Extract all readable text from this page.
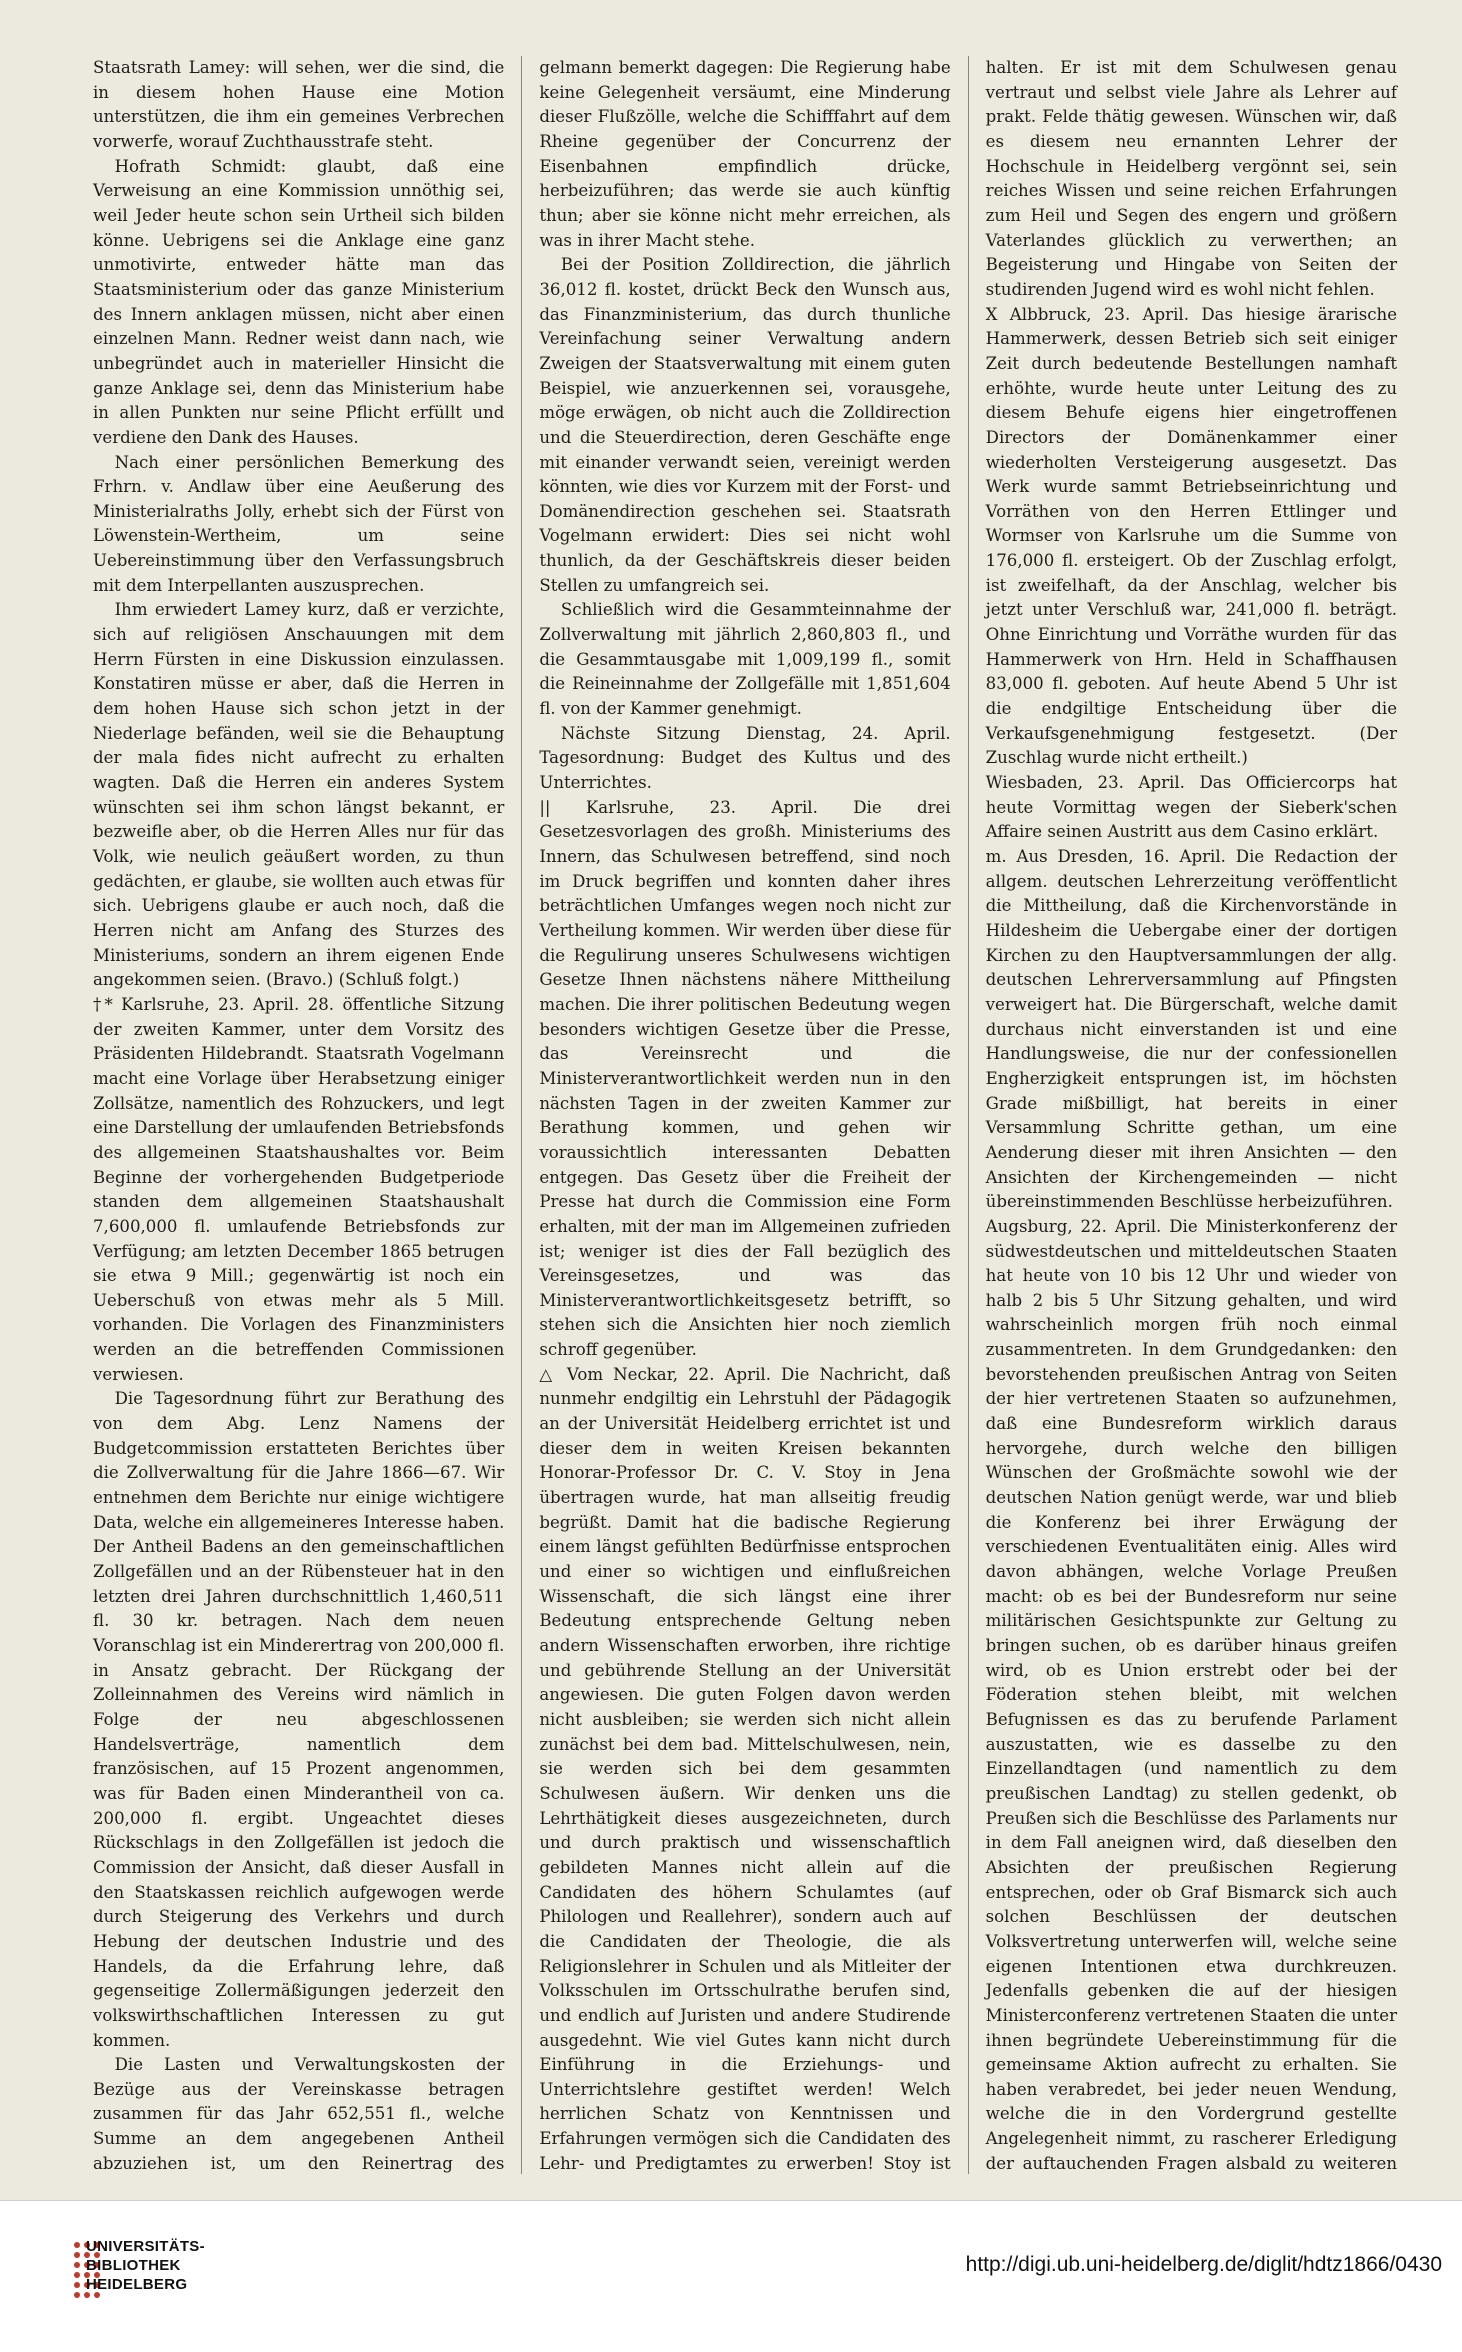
Staatsrath Lamey: will sehen, wer die sind, die in diesem hohen Hause eine Motion unterstützen, die ihm ein gemeines Verbrechen vorwerfe, worauf Zuchthausstrafe steht.

Hofrath Schmidt: glaubt, daß eine Verweisung an eine Kommission unnöthig sei, weil Jeder heute schon sein Urtheil sich bilden könne. Uebrigens sei die Anklage eine ganz unmotivirte, entweder hätte man das Staatsministerium oder das ganze Ministerium des Innern anklagen müssen, nicht aber einen einzelnen Mann. Redner weist dann nach, wie unbegründet auch in materieller Hinsicht die ganze Anklage sei, denn das Ministerium habe in allen Punkten nur seine Pflicht erfüllt und verdiene den Dank des Hauses.

Nach einer persönlichen Bemerkung des Frhrn. v. Andlaw über eine Aeußerung des Ministerialraths Jolly, erhebt sich der Fürst von Löwenstein-Wertheim, um seine Uebereinstimmung über den Verfassungsbruch mit dem Interpellanten auszusprechen.

Ihm erwiedert Lamey kurz, daß er verzichte, sich auf religiösen Anschauungen mit dem Herrn Fürsten in eine Diskussion einzulassen. Konstatiren müsse er aber, daß die Herren in dem hohen Hause sich schon jetzt in der Niederlage befänden, weil sie die Behauptung der mala fides nicht aufrecht zu erhalten wagten. Daß die Herren ein anderes System wünschten sei ihm schon längst bekannt, er bezweifle aber, ob die Herren Alles nur für das Volk, wie neulich geäußert worden, zu thun gedächten, er glaube, sie wollten auch etwas für sich. Uebrigens glaube er auch noch, daß die Herren nicht am Anfang des Sturzes des Ministeriums, sondern an ihrem eigenen Ende angekommen seien. (Bravo.) (Schluß folgt.)

†* Karlsruhe, 23. April. 28. öffentliche Sitzung der zweiten Kammer, unter dem Vorsitz des Präsidenten Hildebrandt. Staatsrath Vogelmann macht eine Vorlage über Herabsetzung einiger Zollsätze, namentlich des Rohzuckers, und legt eine Darstellung der umlaufenden Betriebsfonds des allgemeinen Staatshaushaltes vor. Beim Beginne der vorhergehenden Budgetperiode standen dem allgemeinen Staatshaushalt 7,600,000 fl. umlaufende Betriebsfonds zur Verfügung; am letzten December 1865 betrugen sie etwa 9 Mill.; gegenwärtig ist noch ein Ueberschuß von etwas mehr als 5 Mill. vorhanden. Die Vorlagen des Finanzministers werden an die betreffenden Commissionen verwiesen.

Die Tagesordnung führt zur Berathung des von dem Abg. Lenz Namens der Budgetcommission erstatteten Berichtes über die Zollverwaltung für die Jahre 1866—67. Wir entnehmen dem Berichte nur einige wichtigere Data, welche ein allgemeineres Interesse haben. Der Antheil Badens an den gemeinschaftlichen Zollgefällen und an der Rübensteuer hat in den letzten drei Jahren durchschnittlich 1,460,511 fl. 30 kr. betragen. Nach dem neuen Voranschlag ist ein Minderertrag von 200,000 fl. in Ansatz gebracht. Der Rückgang der Zolleinnahmen des Vereins wird nämlich in Folge der neu abgeschlossenen Handelsverträge, namentlich dem französischen, auf 15 Prozent angenommen, was für Baden einen Minderantheil von ca. 200,000 fl. ergibt. Ungeachtet dieses Rückschlags in den Zollgefällen ist jedoch die Commission der Ansicht, daß dieser Ausfall in den Staatskassen reichlich aufgewogen werde durch Steigerung des Verkehrs und durch Hebung der deutschen Industrie und des Handels, da die Erfahrung lehre, daß gegenseitige Zollermäßigungen jederzeit den volkswirthschaftlichen Interessen zu gut kommen.

Die Lasten und Verwaltungskosten der Bezüge aus der Vereinskasse betragen zusammen für das Jahr 652,551 fl., welche Summe an dem angegebenen Antheil abzuziehen ist, um den Reinertrag des

gelmann bemerkt dagegen: Die Regierung habe keine Gelegenheit versäumt, eine Minderung dieser Flußzölle, welche die Schifffahrt auf dem Rheine gegenüber der Concurrenz der Eisenbahnen empfindlich drücke, herbeizuführen; das werde sie auch künftig thun; aber sie könne nicht mehr erreichen, als was in ihrer Macht stehe.

Bei der Position Zolldirection, die jährlich 36,012 fl. kostet, drückt Beck den Wunsch aus, das Finanzministerium, das durch thunliche Vereinfachung seiner Verwaltung andern Zweigen der Staatsverwaltung mit einem guten Beispiel, wie anzuerkennen sei, vorausgehe, möge erwägen, ob nicht auch die Zolldirection und die Steuerdirection, deren Geschäfte enge mit einander verwandt seien, vereinigt werden könnten, wie dies vor Kurzem mit der Forst- und Domänendirection geschehen sei. Staatsrath Vogelmann erwidert: Dies sei nicht wohl thunlich, da der Geschäftskreis dieser beiden Stellen zu umfangreich sei.

Schließlich wird die Gesammteinnahme der Zollverwaltung mit jährlich 2,860,803 fl., und die Gesammtausgabe mit 1,009,199 fl., somit die Reineinnahme der Zollgefälle mit 1,851,604 fl. von der Kammer genehmigt.

Nächste Sitzung Dienstag, 24. April. Tagesordnung: Budget des Kultus und des Unterrichtes.

|| Karlsruhe, 23. April. Die drei Gesetzesvorlagen des großh. Ministeriums des Innern, das Schulwesen betreffend, sind noch im Druck begriffen und konnten daher ihres beträchtlichen Umfanges wegen noch nicht zur Vertheilung kommen. Wir werden über diese für die Regulirung unseres Schulwesens wichtigen Gesetze Ihnen nächstens nähere Mittheilung machen. Die ihrer politischen Bedeutung wegen besonders wichtigen Gesetze über die Presse, das Vereinsrecht und die Ministerverantwortlichkeit werden nun in den nächsten Tagen in der zweiten Kammer zur Berathung kommen, und gehen wir voraussichtlich interessanten Debatten entgegen. Das Gesetz über die Freiheit der Presse hat durch die Commission eine Form erhalten, mit der man im Allgemeinen zufrieden ist; weniger ist dies der Fall bezüglich des Vereinsgesetzes, und was das Ministerverantwortlichkeitsgesetz betrifft, so stehen sich die Ansichten hier noch ziemlich schroff gegenüber.

△ Vom Neckar, 22. April. Die Nachricht, daß nunmehr endgiltig ein Lehrstuhl der Pädagogik an der Universität Heidelberg errichtet ist und dieser dem in weiten Kreisen bekannten Honorar-Professor Dr. C. V. Stoy in Jena übertragen wurde, hat man allseitig freudig begrüßt. Damit hat die badische Regierung einem längst gefühlten Bedürfnisse entsprochen und einer so wichtigen und einflußreichen Wissenschaft, die sich längst eine ihrer Bedeutung entsprechende Geltung neben andern Wissenschaften erworben, ihre richtige und gebührende Stellung an der Universität angewiesen. Die guten Folgen davon werden nicht ausbleiben; sie werden sich nicht allein zunächst bei dem bad. Mittelschulwesen, nein, sie werden sich bei dem gesammten Schulwesen äußern. Wir denken uns die Lehrthätigkeit dieses ausgezeichneten, durch und durch praktisch und wissenschaftlich gebildeten Mannes nicht allein auf die Candidaten des höhern Schulamtes (auf Philologen und Reallehrer), sondern auch auf die Candidaten der Theologie, die als Religionslehrer in Schulen und als Mitleiter der Volksschulen im Ortsschulrathe berufen sind, und endlich auf Juristen und andere Studirende ausgedehnt. Wie viel Gutes kann nicht durch Einführung in die Erziehungs- und Unterrichtslehre gestiftet werden! Welch herrlichen Schatz von Kenntnissen und Erfahrungen vermögen sich die Candidaten des Lehr- und Predigtamtes zu erwerben! Stoy ist

halten. Er ist mit dem Schulwesen genau vertraut und selbst viele Jahre als Lehrer auf prakt. Felde thätig gewesen. Wünschen wir, daß es diesem neu ernannten Lehrer der Hochschule in Heidelberg vergönnt sei, sein reiches Wissen und seine reichen Erfahrungen zum Heil und Segen des engern und größern Vaterlandes glücklich zu verwerthen; an Begeisterung und Hingabe von Seiten der studirenden Jugend wird es wohl nicht fehlen.

X Albbruck, 23. April. Das hiesige ärarische Hammerwerk, dessen Betrieb sich seit einiger Zeit durch bedeutende Bestellungen namhaft erhöhte, wurde heute unter Leitung des zu diesem Behufe eigens hier eingetroffenen Directors der Domänenkammer einer wiederholten Versteigerung ausgesetzt. Das Werk wurde sammt Betriebseinrichtung und Vorräthen von den Herren Ettlinger und Wormser von Karlsruhe um die Summe von 176,000 fl. ersteigert. Ob der Zuschlag erfolgt, ist zweifelhaft, da der Anschlag, welcher bis jetzt unter Verschluß war, 241,000 fl. beträgt. Ohne Einrichtung und Vorräthe wurden für das Hammerwerk von Hrn. Held in Schaffhausen 83,000 fl. geboten. Auf heute Abend 5 Uhr ist die endgiltige Entscheidung über die Verkaufsgenehmigung festgesetzt. (Der Zuschlag wurde nicht ertheilt.)

Wiesbaden, 23. April. Das Officiercorps hat heute Vormittag wegen der Sieberk'schen Affaire seinen Austritt aus dem Casino erklärt.

m. Aus Dresden, 16. April. Die Redaction der allgem. deutschen Lehrerzeitung veröffentlicht die Mittheilung, daß die Kirchenvorstände in Hildesheim die Uebergabe einer der dortigen Kirchen zu den Hauptversammlungen der allg. deutschen Lehrerversammlung auf Pfingsten verweigert hat. Die Bürgerschaft, welche damit durchaus nicht einverstanden ist und eine Handlungsweise, die nur der confessionellen Engherzigkeit entsprungen ist, im höchsten Grade mißbilligt, hat bereits in einer Versammlung Schritte gethan, um eine Aenderung dieser mit ihren Ansichten — den Ansichten der Kirchengemeinden — nicht übereinstimmenden Beschlüsse herbeizuführen.

Augsburg, 22. April. Die Ministerkonferenz der südwestdeutschen und mitteldeutschen Staaten hat heute von 10 bis 12 Uhr und wieder von halb 2 bis 5 Uhr Sitzung gehalten, und wird wahrscheinlich morgen früh noch einmal zusammentreten. In dem Grundgedanken: den bevorstehenden preußischen Antrag von Seiten der hier vertretenen Staaten so aufzunehmen, daß eine Bundesreform wirklich daraus hervorgehe, durch welche den billigen Wünschen der Großmächte sowohl wie der deutschen Nation genügt werde, war und blieb die Konferenz bei ihrer Erwägung der verschiedenen Eventualitäten einig. Alles wird davon abhängen, welche Vorlage Preußen macht: ob es bei der Bundesreform nur seine militärischen Gesichtspunkte zur Geltung zu bringen suchen, ob es darüber hinaus greifen wird, ob es Union erstrebt oder bei der Föderation stehen bleibt, mit welchen Befugnissen es das zu berufende Parlament auszustatten, wie es dasselbe zu den Einzellandtagen (und namentlich zu dem preußischen Landtag) zu stellen gedenkt, ob Preußen sich die Beschlüsse des Parlaments nur in dem Fall aneignen wird, daß dieselben den Absichten der preußischen Regierung entsprechen, oder ob Graf Bismarck sich auch solchen Beschlüssen der deutschen Volksvertretung unterwerfen will, welche seine eigenen Intentionen etwa durchkreuzen. Jedenfalls gebenken die auf der hiesigen Ministerconferenz vertretenen Staaten die unter ihnen begründete Uebereinstimmung für die gemeinsame Aktion aufrecht zu erhalten. Sie haben verabredet, bei jeder neuen Wendung, welche die in den Vordergrund gestellte Angelegenheit nimmt, zu rascherer Erledigung der auftauchenden Fragen alsbald zu weiteren

UNIVERSITÄTS-
BIBLIOTHEK
HEIDELBERG
http://digi.ub.uni-heidelberg.de/diglit/hdtz1866/0430
